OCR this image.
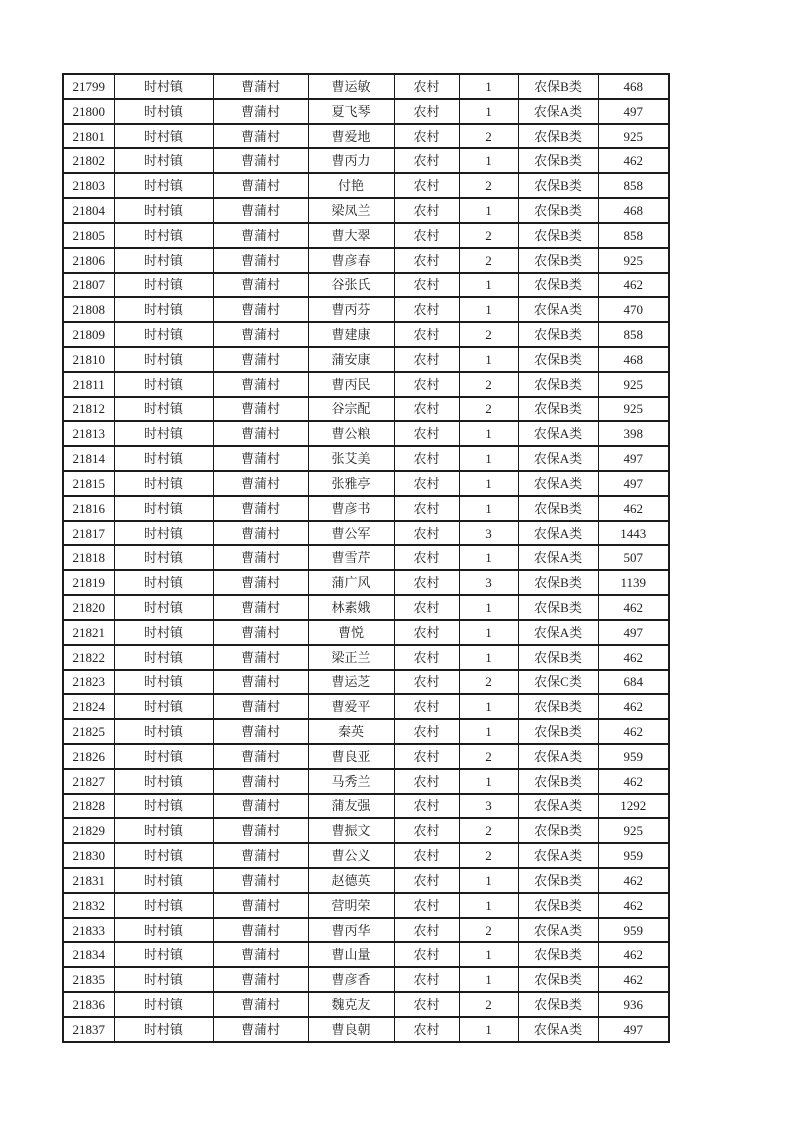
21799	时村镇	曹蒲村	曹运敏	农村	1	农保B类	468
21800	时村镇	曹蒲村	夏飞琴	农村	1	农保A类	497
21801	时村镇	曹蒲村	曹爱地	农村	2	农保B类	925
21802	时村镇	曹蒲村	曹丙力	农村	1	农保B类	462
21803	时村镇	曹蒲村	付艳	农村	2	农保B类	858
21804	时村镇	曹蒲村	梁凤兰	农村	1	农保B类	468
21805	时村镇	曹蒲村	曹大翠	农村	2	农保B类	858
21806	时村镇	曹蒲村	曹彦春	农村	2	农保B类	925
21807	时村镇	曹蒲村	谷张氏	农村	1	农保B类	462
21808	时村镇	曹蒲村	曹丙芬	农村	1	农保A类	470
21809	时村镇	曹蒲村	曹建康	农村	2	农保B类	858
21810	时村镇	曹蒲村	蒲安康	农村	1	农保B类	468
21811	时村镇	曹蒲村	曹丙民	农村	2	农保B类	925
21812	时村镇	曹蒲村	谷宗配	农村	2	农保B类	925
21813	时村镇	曹蒲村	曹公粮	农村	1	农保A类	398
21814	时村镇	曹蒲村	张艾美	农村	1	农保A类	497
21815	时村镇	曹蒲村	张雅亭	农村	1	农保A类	497
21816	时村镇	曹蒲村	曹彦书	农村	1	农保B类	462
21817	时村镇	曹蒲村	曹公军	农村	3	农保A类	1443
21818	时村镇	曹蒲村	曹雪芹	农村	1	农保A类	507
21819	时村镇	曹蒲村	蒲广风	农村	3	农保B类	1139
21820	时村镇	曹蒲村	林素娥	农村	1	农保B类	462
21821	时村镇	曹蒲村	曹悦	农村	1	农保A类	497
21822	时村镇	曹蒲村	梁正兰	农村	1	农保B类	462
21823	时村镇	曹蒲村	曹运芝	农村	2	农保C类	684
21824	时村镇	曹蒲村	曹爱平	农村	1	农保B类	462
21825	时村镇	曹蒲村	秦英	农村	1	农保B类	462
21826	时村镇	曹蒲村	曹良亚	农村	2	农保A类	959
21827	时村镇	曹蒲村	马秀兰	农村	1	农保B类	462
21828	时村镇	曹蒲村	蒲友强	农村	3	农保A类	1292
21829	时村镇	曹蒲村	曹振文	农村	2	农保B类	925
21830	时村镇	曹蒲村	曹公义	农村	2	农保A类	959
21831	时村镇	曹蒲村	赵德英	农村	1	农保B类	462
21832	时村镇	曹蒲村	营明荣	农村	1	农保B类	462
21833	时村镇	曹蒲村	曹丙华	农村	2	农保A类	959
21834	时村镇	曹蒲村	曹山量	农村	1	农保B类	462
21835	时村镇	曹蒲村	曹彦香	农村	1	农保B类	462
21836	时村镇	曹蒲村	魏克友	农村	2	农保B类	936
21837	时村镇	曹蒲村	曹良朝	农村	1	农保A类	497
